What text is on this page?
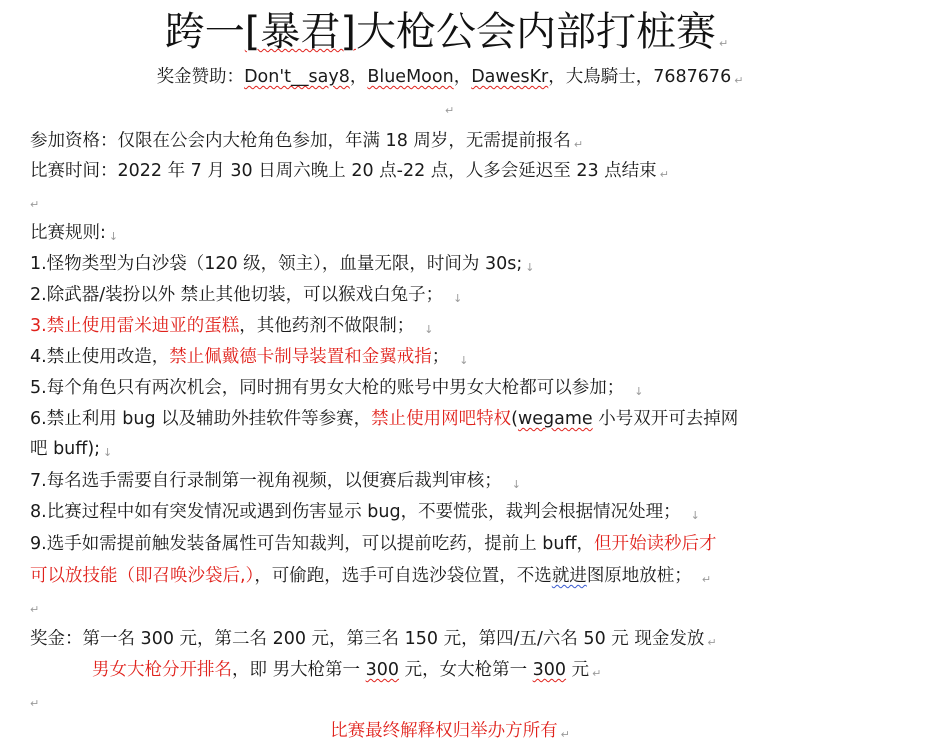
跨一[暴君]大枪公会内部打桩赛 ↵
奖金赞助：Don't__say8，BlueMoon，DawesKr，大鳥騎士，7687676 ↵
↵
参加资格：仅限在公会内大枪角色参加，年满 18 周岁，无需提前报名 ↵
比赛时间：2022 年 7 月 30 日周六晚上 20 点-22 点，人多会延迟至 23 点结束 ↵
↵
比赛规则: ↓
1.怪物类型为白沙袋（120 级，领主），血量无限，时间为 30s; ↓
2.除武器/装扮以外 禁止其他切装，可以猴戏白兔子； ↓
3.禁止使用雷米迪亚的蛋糕，其他药剂不做限制； ↓
4.禁止使用改造，禁止佩戴德卡制导装置和金翼戒指； ↓
5.每个角色只有两次机会，同时拥有男女大枪的账号中男女大枪都可以参加； ↓
6.禁止利用 bug 以及辅助外挂软件等参赛，禁止使用网吧特权(wegame 小号双开可去掉网
吧 buff); ↓
7.每名选手需要自行录制第一视角视频，以便赛后裁判审核； ↓
8.比赛过程中如有突发情况或遇到伤害显示 bug，不要慌张，裁判会根据情况处理； ↓
9.选手如需提前触发装备属性可告知裁判，可以提前吃药，提前上 buff，但开始读秒后才
可以放技能（即召唤沙袋后,），可偷跑，选手可自选沙袋位置，不选就进图原地放桩； ↵
↵
奖金：第一名 300 元，第二名 200 元，第三名 150 元，第四/五/六名 50 元 现金发放 ↵
男女大枪分开排名，即 男大枪第一 300 元，女大枪第一 300 元 ↵
↵
比赛最终解释权归举办方所有 ↵
